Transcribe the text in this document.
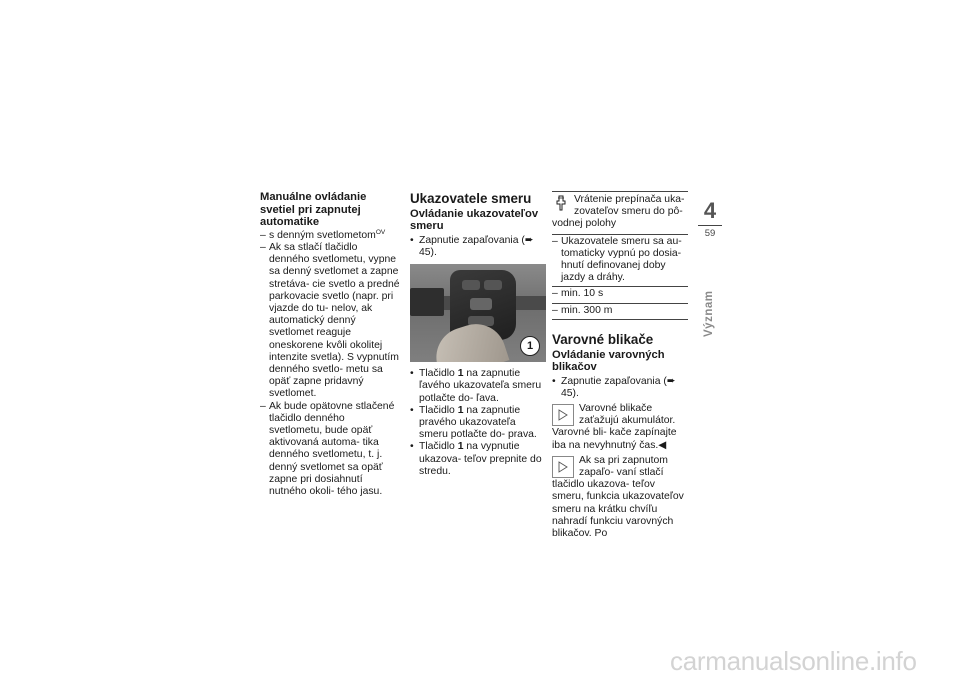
Manuálne ovládanie svetiel pri zapnutej automatike
– s denným svetlometom$^{OV}$
– Ak sa stlačí tlačidlo denného svetlometu, vypne sa denný svetlomet a zapne stretáva- cie svetlo a predné parkovacie svetlo (napr. pri vjazde do tu- nelov, ak automatický denný svetlomet reaguje oneskorene kvôli okolitej intenzite svetla). S vypnutím denného svetlo- metu sa opäť zapne pridavný svetlomet.
– Ak bude opätovne stlačené tlačidlo denného svetlometu, bude opäť aktivovaná automa- tika denného svetlometu, t. j. denný svetlomet sa opäť zapne pri dosiahnutí nutného okoli- tého jasu.
Ukazovatele smeru
Ovládanie ukazovateľov smeru
• Zapnutie zapaľovania (➨ 45).
1
• Tlačidlo 1 na zapnutie ľavého ukazovateľa smeru potlačte do- ľava.
• Tlačidlo 1 na zapnutie pravého ukazovateľa smeru potlačte do- prava.
• Tlačidlo 1 na vypnutie ukazova- teľov prepnite do stredu.
Vrátenie prepínača uka- zovateľov smeru do pô-
vodnej polohy
– Ukazovatele smeru sa au- tomaticky vypnú po dosia- hnutí definovanej doby jazdy a dráhy.
– min. 10 s
– min. 300 m
Varovné blikače
Ovládanie varovných blikačov
• Zapnutie zapaľovania (➨ 45).

Varovné blikače zaťažujú akumulátor. Varovné bli- kače zapínajte iba na nevyhnutný čas.◀

Ak sa pri zapnutom zapaľo- vaní stlačí tlačidlo ukazova- teľov smeru, funkcia ukazovateľov smeru na krátku chvíľu nahradí funkciu varovných blikačov. Po

4
59
Význam
carmanualsonline.info
